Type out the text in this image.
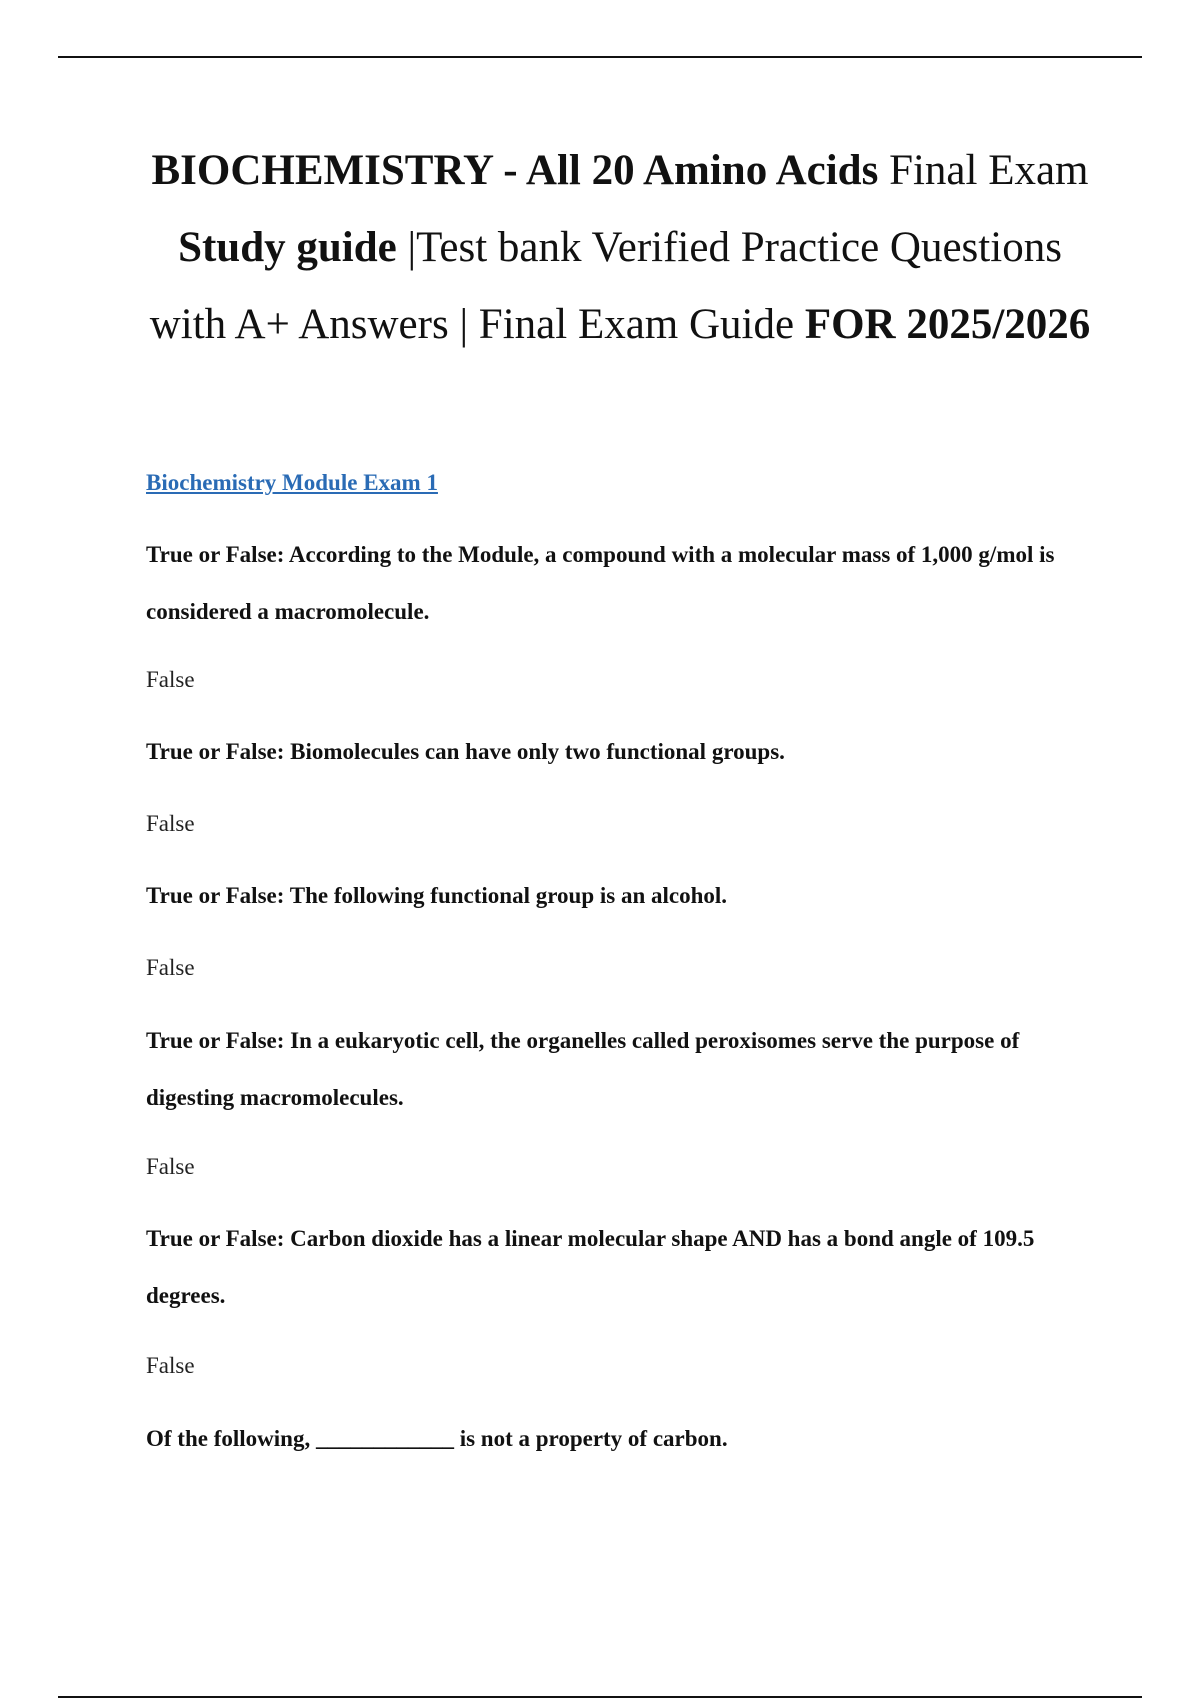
BIOCHEMISTRY - All 20 Amino Acids Final Exam Study guide |Test bank Verified Practice Questions with A+ Answers | Final Exam Guide FOR 2025/2026
Biochemistry Module Exam 1

True or False: According to the Module, a compound with a molecular mass of 1,000 g/mol is considered a macromolecule.

False

True or False: Biomolecules can have only two functional groups.

False

True or False: The following functional group is an alcohol.

False

True or False: In a eukaryotic cell, the organelles called peroxisomes serve the purpose of digesting macromolecules.

False

True or False: Carbon dioxide has a linear molecular shape AND has a bond angle of 109.5 degrees.

False

Of the following, ____________ is not a property of carbon.
